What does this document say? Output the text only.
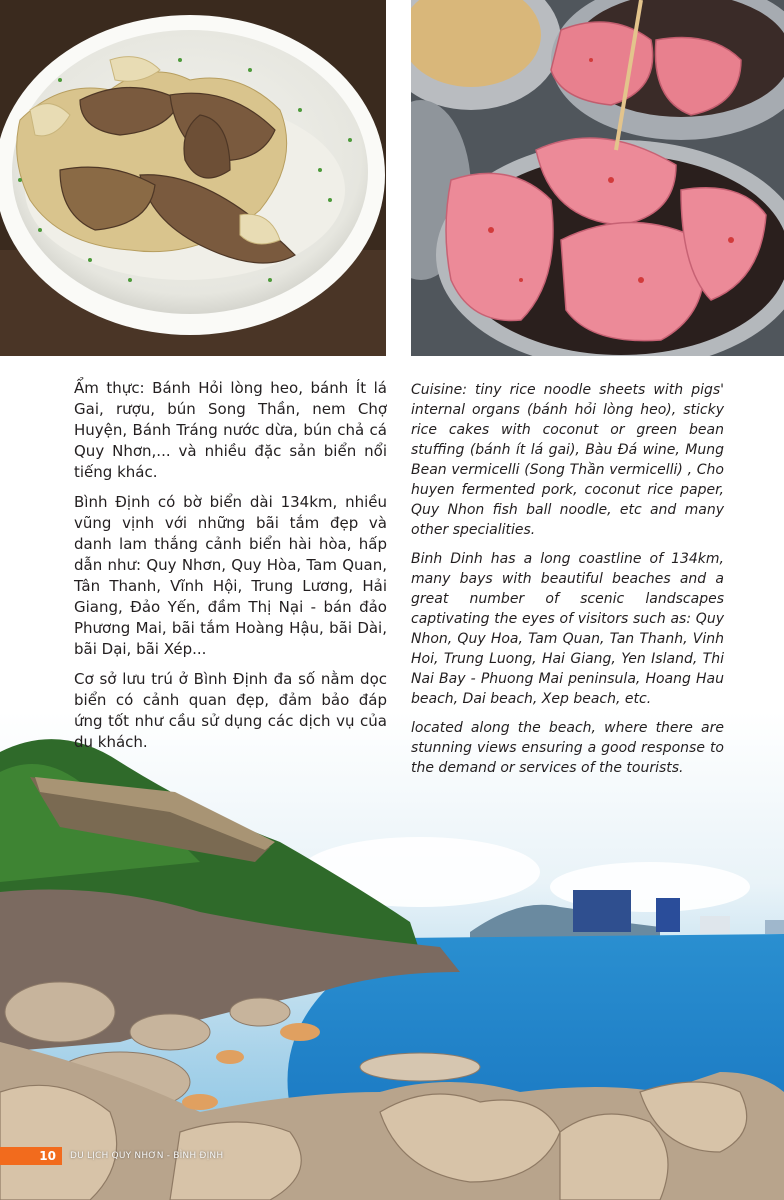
Ẩm thực: Bánh Hỏi lòng heo, bánh Ít lá Gai, rượu, bún Song Thần, nem Chợ Huyện, Bánh Tráng nước dừa, bún chả cá Quy Nhơn,... và nhiều đặc sản biển nổi tiếng khác.

Bình Định có bờ biển dài 134km, nhiều vũng vịnh với những bãi tắm đẹp và danh lam thắng cảnh biển hài hòa, hấp dẫn như: Quy Nhơn, Quy Hòa, Tam Quan, Tân Thanh, Vĩnh Hội, Trung Lương, Hải Giang, Đảo Yến, đầm Thị Nại - bán đảo Phương Mai, bãi tắm Hoàng Hậu, bãi Dài, bãi Dại, bãi Xép...

Cơ sở lưu trú ở Bình Định đa số nằm dọc biển có cảnh quan đẹp, đảm bảo đáp ứng tốt như cầu sử dụng các dịch vụ của du khách.

Cuisine: tiny rice noodle sheets with pigs' internal organs (bánh hỏi lòng heo), sticky rice cakes with coconut or green bean stuffing (bánh ít lá gai), Bàu Đá wine, Mung Bean vermicelli (Song Thần vermicelli) , Cho huyen fermented pork, coconut rice paper, Quy Nhon fish ball noodle, etc and many other specialities.

Binh Dinh has a long coastline of 134km, many bays with beautiful beaches and a great number of scenic landscapes captivating the eyes of visitors such as: Quy Nhon, Quy Hoa, Tam Quan, Tan Thanh, Vinh Hoi, Trung Luong, Hai Giang, Yen Island, Thi Nai Bay - Phuong Mai peninsula, Hoang Hau beach, Dai beach, Xep beach, etc.

located along the beach, where there are stunning views ensuring a good response to the demand or services of the tourists.

10	DU LỊCH QUY NHƠN - BÌNH ĐỊNH
